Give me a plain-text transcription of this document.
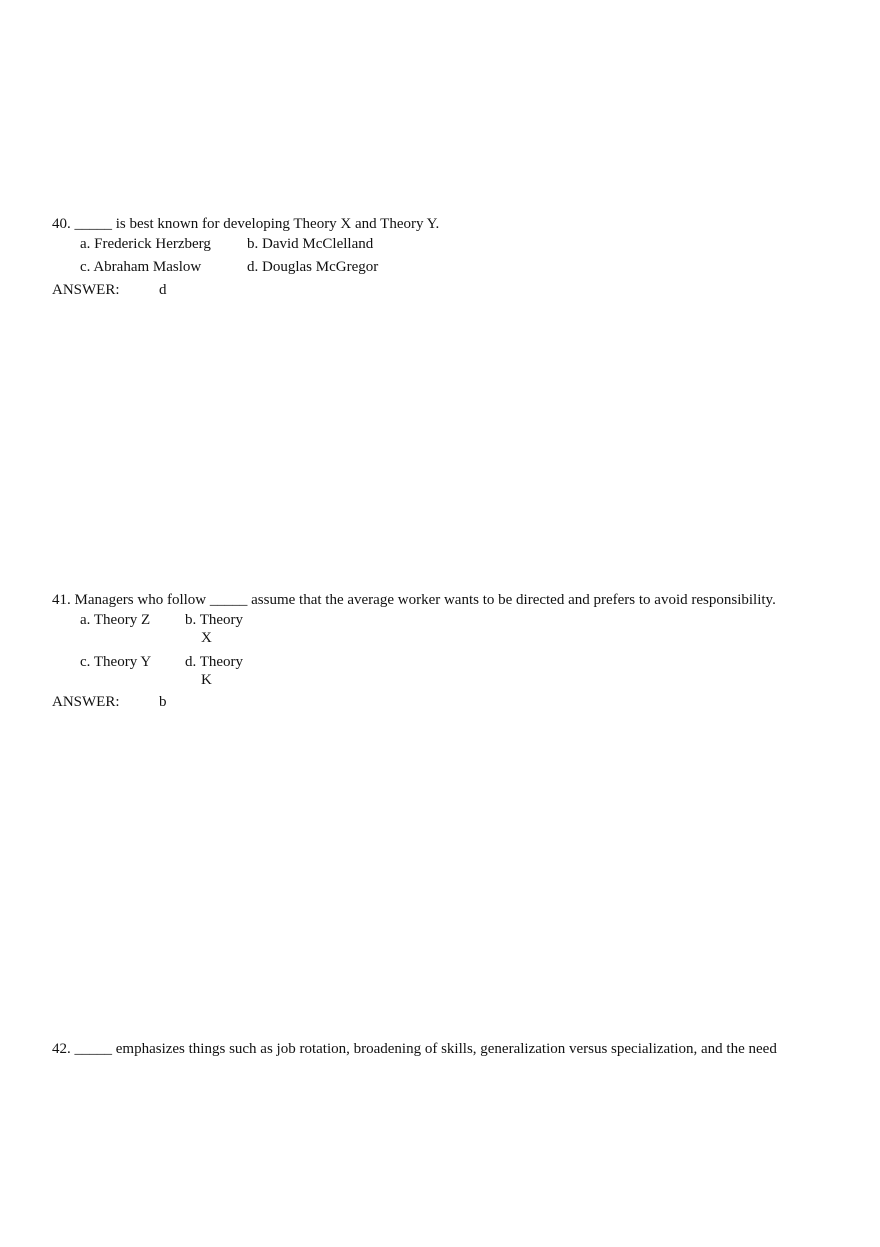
40. _____ is best known for developing Theory X and Theory Y.
a. Frederick Herzberg b. David McClelland
c. Abraham Maslow	d. Douglas McGregor
ANSWER:	d
41. Managers who follow _____ assume that the average worker wants to be directed and prefers to avoid responsibility.
a. Theory Z b. Theory
X
c. Theory Y d. Theory
K
ANSWER:	b
42. _____ emphasizes things such as job rotation, broadening of skills, generalization versus specialization, and the need
